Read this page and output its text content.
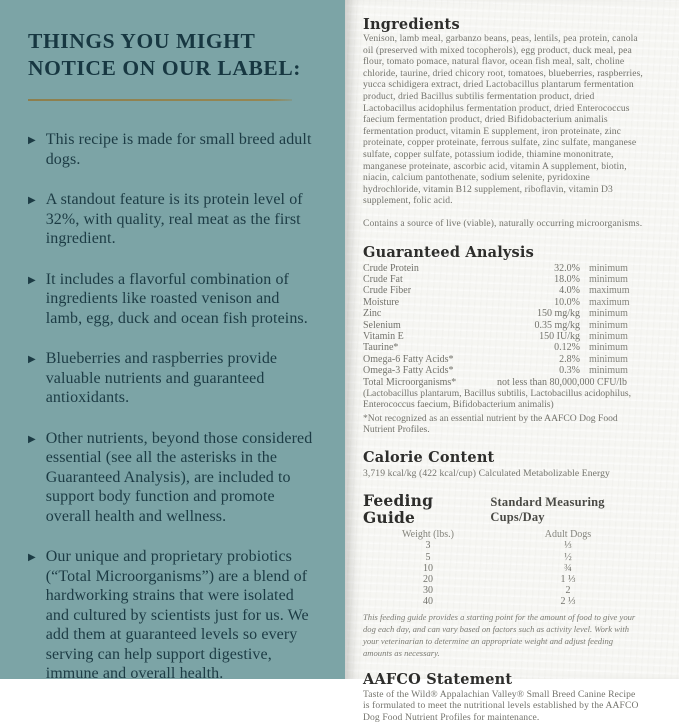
THINGS YOU MIGHT NOTICE ON OUR LABEL:
▶ This recipe is made for small breed adult dogs.
▶ A standout feature is its protein level of 32%, with quality, real meat as the first ingredient.
▶ It includes a flavorful combination of ingredients like roasted venison and lamb, egg, duck and ocean fish proteins.
▶ Blueberries and raspberries provide valuable nutrients and guaranteed antioxidants.
▶ Other nutrients, beyond those considered essential (see all the asterisks in the Guaranteed Analysis), are included to support body function and promote overall health and wellness.
▶ Our unique and proprietary probiotics (“Total Microorganisms”) are a blend of hardworking strains that were isolated and cultured by scientists just for us. We add them at guaranteed levels so every serving can help support digestive, immune and overall health.
Ingredients
Venison, lamb meal, garbanzo beans, peas, lentils, pea protein, canola oil (preserved with mixed tocopherols), egg product, duck meal, pea flour, tomato pomace, natural flavor, ocean fish meal, salt, choline chloride, taurine, dried chicory root, tomatoes, blueberries, raspberries, yucca schidigera extract, dried Lactobacillus plantarum fermentation product, dried Bacillus subtilis fermentation product, dried Lactobacillus acidophilus fermentation product, dried Enterococcus faecium fermentation product, dried Bifidobacterium animalis fermentation product, vitamin E supplement, iron proteinate, zinc proteinate, copper proteinate, ferrous sulfate, zinc sulfate, manganese sulfate, copper sulfate, potassium iodide, thiamine mononitrate, manganese proteinate, ascorbic acid, vitamin A supplement, biotin, niacin, calcium pantothenate, sodium selenite, pyridoxine hydrochloride, vitamin B12 supplement, riboflavin, vitamin D3 supplement, folic acid.
Contains a source of live (viable), naturally occurring microorganisms.
Guaranteed Analysis
Crude Protein	32.0% minimum
Crude Fat	18.0% minimum
Crude Fiber	4.0% maximum
Moisture	10.0% maximum
Zinc	150 mg/kg minimum
Selenium	0.35 mg/kg minimum
Vitamin E	150 IU/kg minimum
Taurine*	0.12% minimum
Omega-6 Fatty Acids*	2.8% minimum
Omega-3 Fatty Acids*	0.3% minimum
Total Microorganisms*	not less than 80,000,000 CFU/lb
(Lactobacillus plantarum, Bacillus subtilis, Lactobacillus acidophilus, Enterococcus faecium, Bifidobacterium animalis)
*Not recognized as an essential nutrient by the AAFCO Dog Food Nutrient Profiles.
Calorie Content
3,719 kcal/kg (422 kcal/cup) Calculated Metabolizable Energy
Feeding Guide
Standard Measuring Cups/Day
Weight (lbs.)	Adult Dogs
3	⅓
5	½
10	¾
20	1 ⅓
30	2
40	2 ⅓
This feeding guide provides a starting point for the amount of food to give your dog each day, and can vary based on factors such as activity level. Work with your veterinarian to determine an appropriate weight and adjust feeding amounts as necessary.
AAFCO Statement
Taste of the Wild® Appalachian Valley® Small Breed Canine Recipe is formulated to meet the nutritional levels established by the AAFCO Dog Food Nutrient Profiles for maintenance.
